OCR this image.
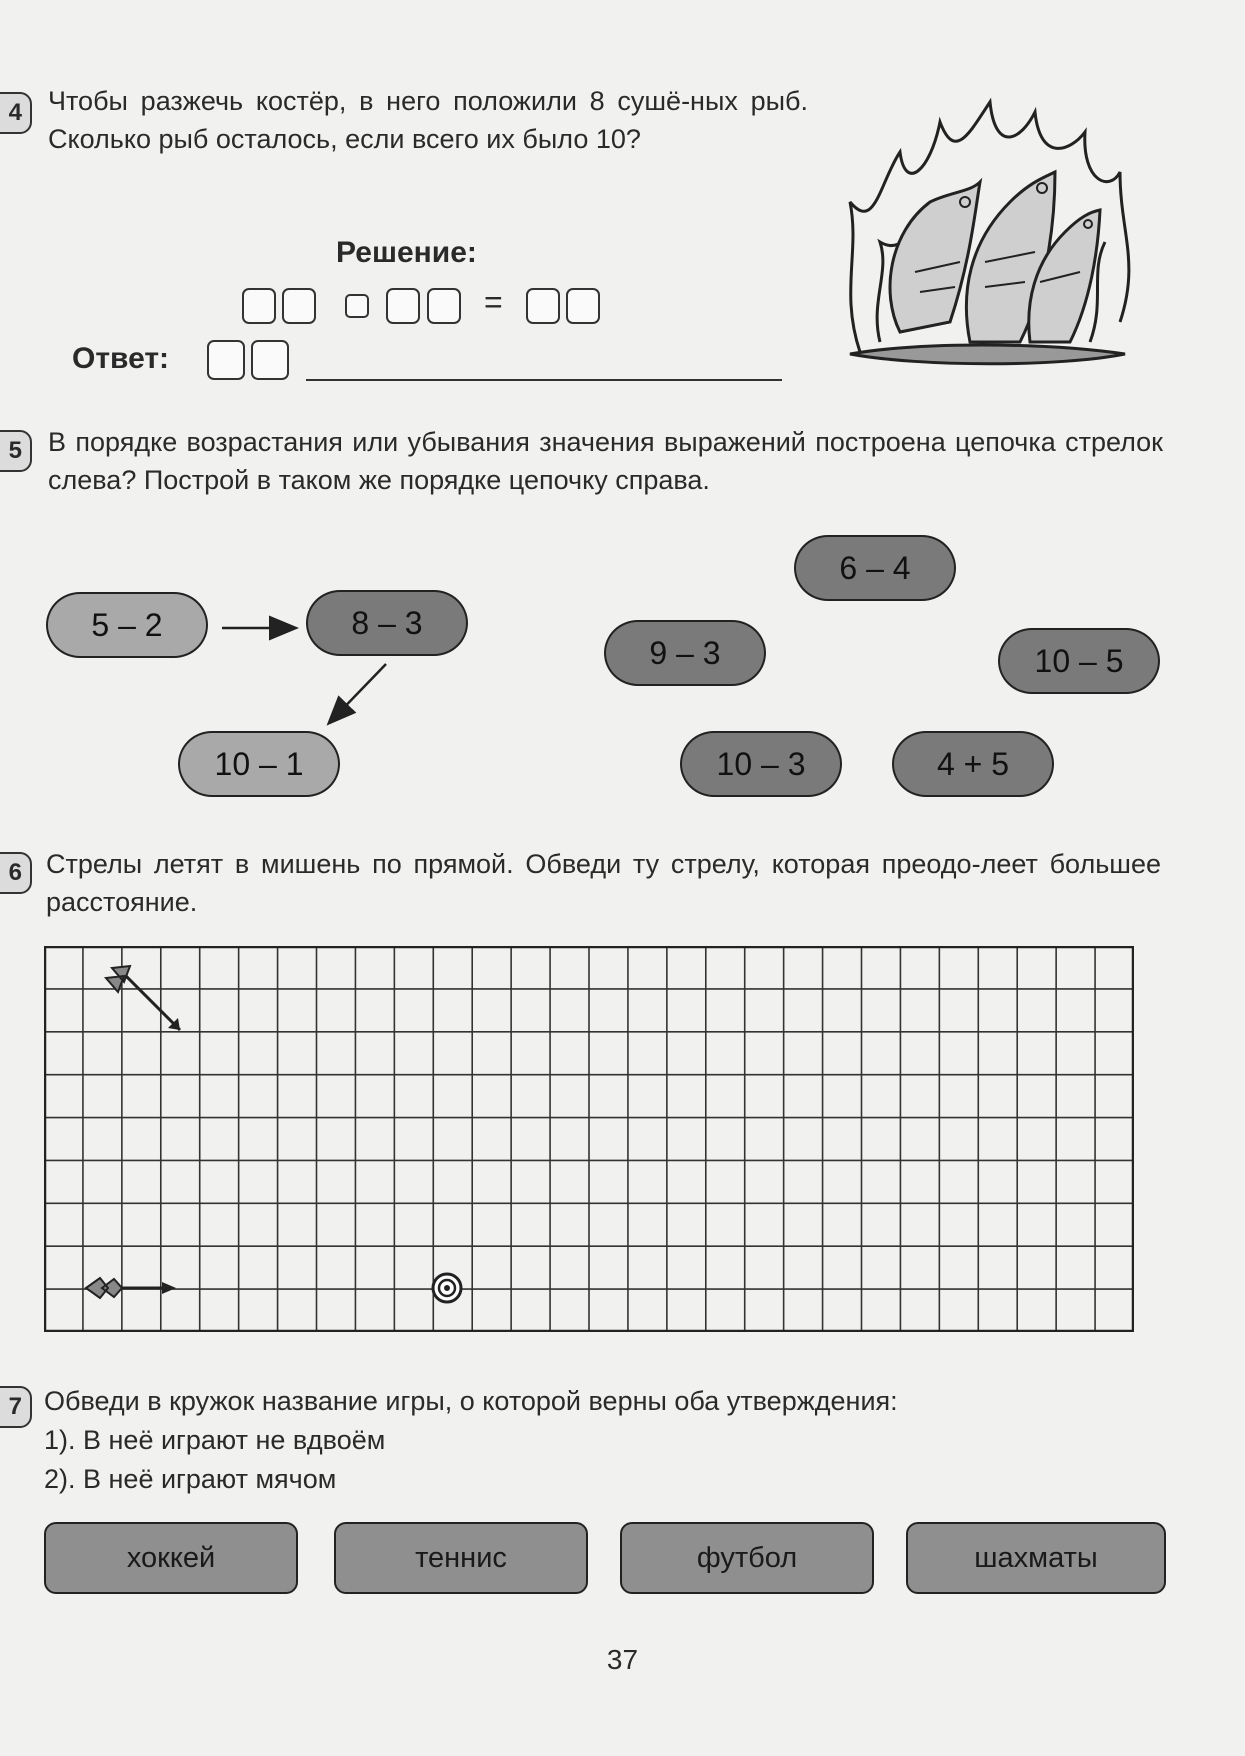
4 Чтобы разжечь костёр, в него положили 8 сушё-ных рыб. Сколько рыб осталось, если всего их было 10?
Решение:
=
Ответ:
5 В порядке возрастания или убывания значения выражений построена цепочка стрелок слева? Построй в таком же порядке цепочку справа.
5 – 2	8 – 3
10 – 1
6 – 4
9 – 3	10 – 5
10 – 3	4 + 5
6 Стрелы летят в мишень по прямой. Обведи ту стрелу, которая преодо-леет большее расстояние.
7 Обведи в кружок название игры, о которой верны оба утверждения:
1). В неё играют не вдвоём
2). В неё играют мячом
хоккей	теннис	футбол	шахматы
37
